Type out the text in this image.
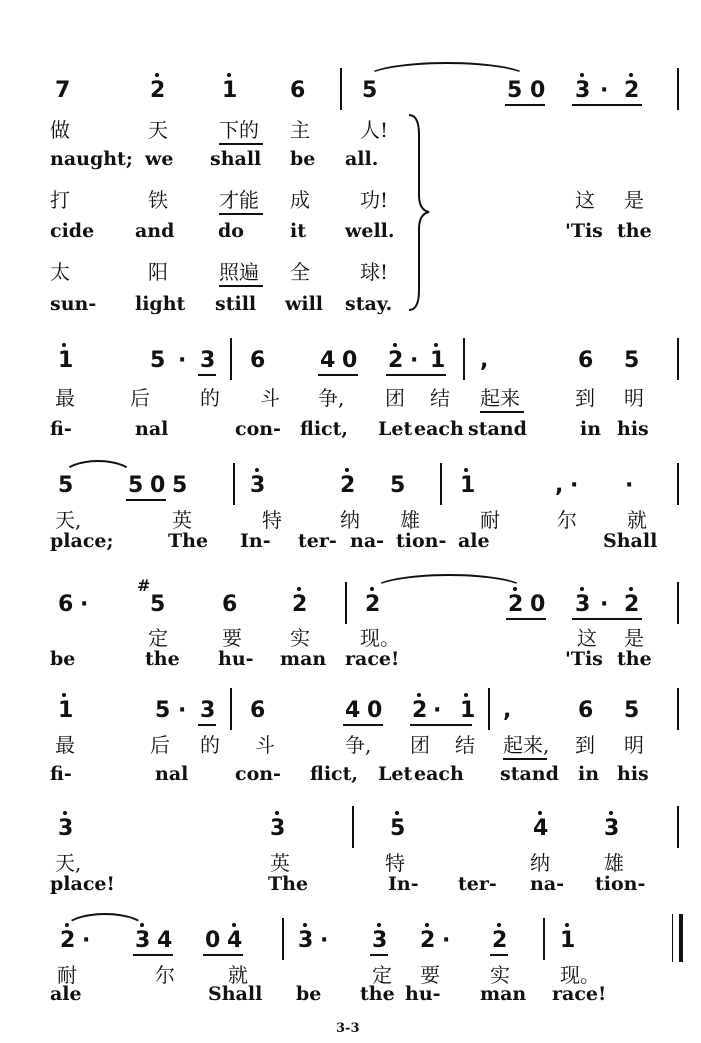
7	2	1 6	5	5 0 3 · 2
做	天	下的 主	人!
naught; we shall be all.
打	铁	才能 成	功!	这 是
cide and do it well.	'Tis the
太	阳	照遍 全	球!
sun- light still will stay.
1	5 · 3 6 4 0 2 · 1 ,	6 5
最	后	的 斗 争, 团 结 起来	到 明
fi-	nal	con- flict, Let each stand	in his
5 5 0 5	3	2 5 1	, · ·
天,	英	特	纳 雄	耐	尔	就
place;	The In- ter- na- tion- ale	Shall
6 ·
#
5	6 2	2	2 0 3 · 2
定	要 实	现。	这 是
be	the hu- man race!	'Tis the
1	5 · 3 6	4 0 2 · 1 ,	6 5
最	后 的 斗	争, 团 结 起来, 到 明
fi-	nal con- flict, Let each stand in his
3	3	5	4	3
天,	英	特	纳	雄
place!	The	In- ter- na- tion-
2 · 3 4 0 4	3 · 3 2 · 2 1
耐	尔	就	定 要	实	现。
ale	Shall be the hu- man race!
3-3
